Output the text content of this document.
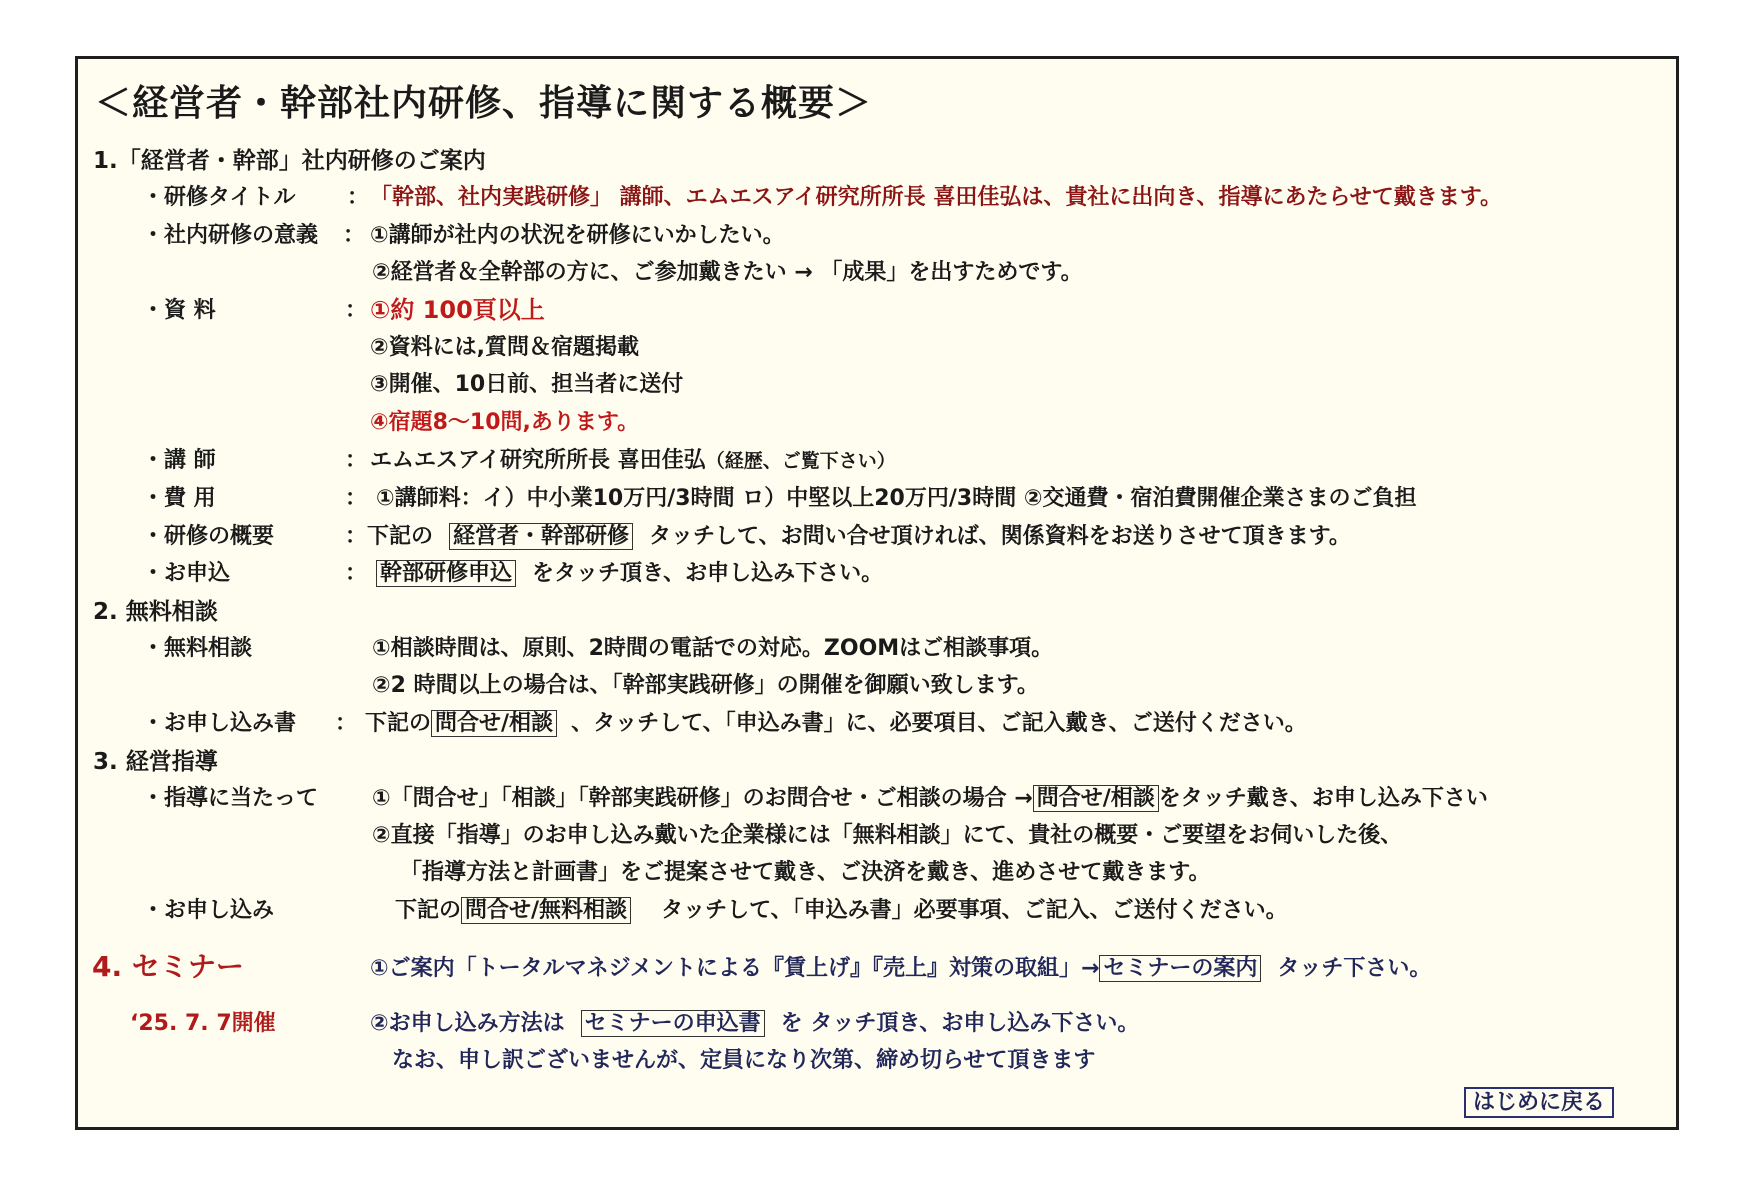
＜経営者・幹部社内研修、指導に関する概要＞
1.「経営者・幹部」社内研修のご案内
・研修タイトル ： 「幹部、社内実践研修」 講師、エムエスアイ研究所所長 喜田佳弘は、貴社に出向き、指導にあたらせて戴きます。
・社内研修の意義 ： ①講師が社内の状況を研修にいかしたい。
②経営者＆全幹部の方に、ご参加戴きたい → 「成果」を出すためです。
・資 料	： ①約 100頁以上
②資料には,質問＆宿題掲載
③開催、10日前、担当者に送付
④宿題8～10問,あります。
・講 師	： エムエスアイ研究所所長 喜田佳弘（経歴、ご覧下さい）
・費 用	： ①講師料：イ）中小業10万円/3時間 ロ）中堅以上20万円/3時間 ②交通費・宿泊費開催企業さまのご負担
・研修の概要	： 下記の 経営者・幹部研修 タッチして、お問い合せ頂ければ、関係資料をお送りさせて頂きます。
・お申込	： 幹部研修申込 をタッチ頂き、お申し込み下さい。
2. 無料相談
・無料相談	①相談時間は、原則、2時間の電話での対応。ZOOMはご相談事項。
②2 時間以上の場合は、「幹部実践研修」の開催を御願い致します。
・お申し込み書 ： 下記の 問合せ/相談 、タッチして、「申込み書」に、必要項目、ご記入戴き、ご送付ください。
3. 経営指導
・指導に当たって ①「問合せ」「相談」「幹部実践研修」のお問合せ・ご相談の場合 → 問合せ/相談 をタッチ戴き、お申し込み下さい
②直接「指導」のお申し込み戴いた企業様には「無料相談」にて、貴社の概要・ご要望をお伺いした後、
「指導方法と計画書」をご提案させて戴き、ご決済を戴き、進めさせて戴きます。
・お申し込み	下記の 問合せ/無料相談 タッチして、「申込み書」必要事項、ご記入、ご送付ください。
4. セミナー	①ご案内「トータルマネジメントによる『賃上げ』『売上』対策の取組」→ セミナーの案内 タッチ下さい。
‘25. 7. 7開催	②お申し込み方法は セミナーの申込書 を タッチ頂き、お申し込み下さい。
なお、申し訳ございませんが、定員になり次第、締め切らせて頂きます
はじめに戻る
